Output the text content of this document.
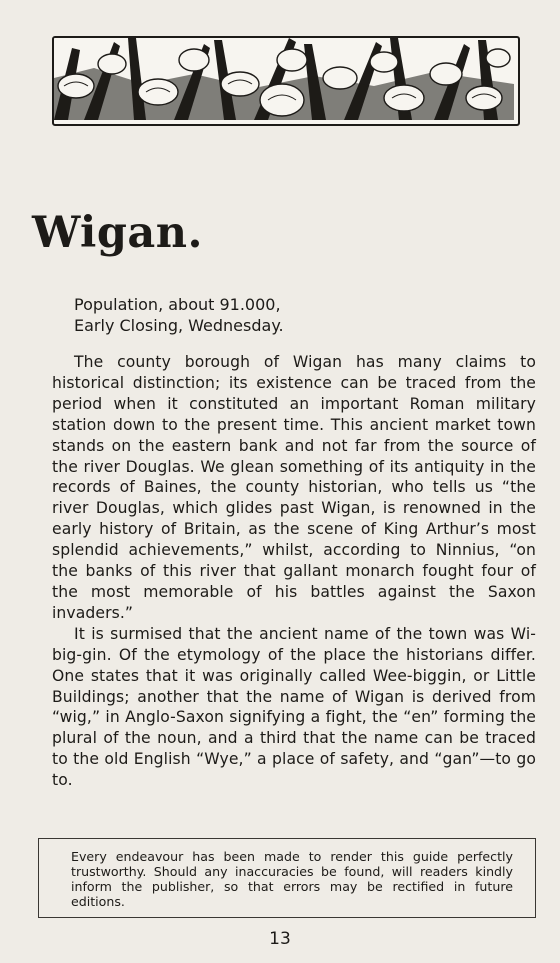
Wigan.
Population, about 91.000,
Early Closing, Wednesday.

The county borough of Wigan has many claims to historical distinction; its existence can be traced from the period when it constituted an important Roman military station down to the present time. This ancient market town stands on the eastern bank and not far from the source of the river Douglas. We glean something of its antiquity in the records of Baines, the county historian, who tells us “the river Douglas, which glides past Wigan, is renowned in the early history of Britain, as the scene of King Arthur’s most splendid achievements,” whilst, according to Ninnius, “on the banks of this river that gallant monarch fought four of the most memorable of his battles against the Saxon invaders.”

It is surmised that the ancient name of the town was Wi-big-gin. Of the etymology of the place the historians differ. One states that it was originally called Wee-biggin, or Little Buildings; another that the name of Wigan is derived from “wig,” in Anglo-Saxon signifying a fight, the “en” forming the plural of the noun, and a third that the name can be traced to the old English “Wye,” a place of safety, and “gan”—to go to.

Every endeavour has been made to render this guide perfectly trustworthy. Should any inaccuracies be found, will readers kindly inform the publisher, so that errors may be rectified in future editions.

13
